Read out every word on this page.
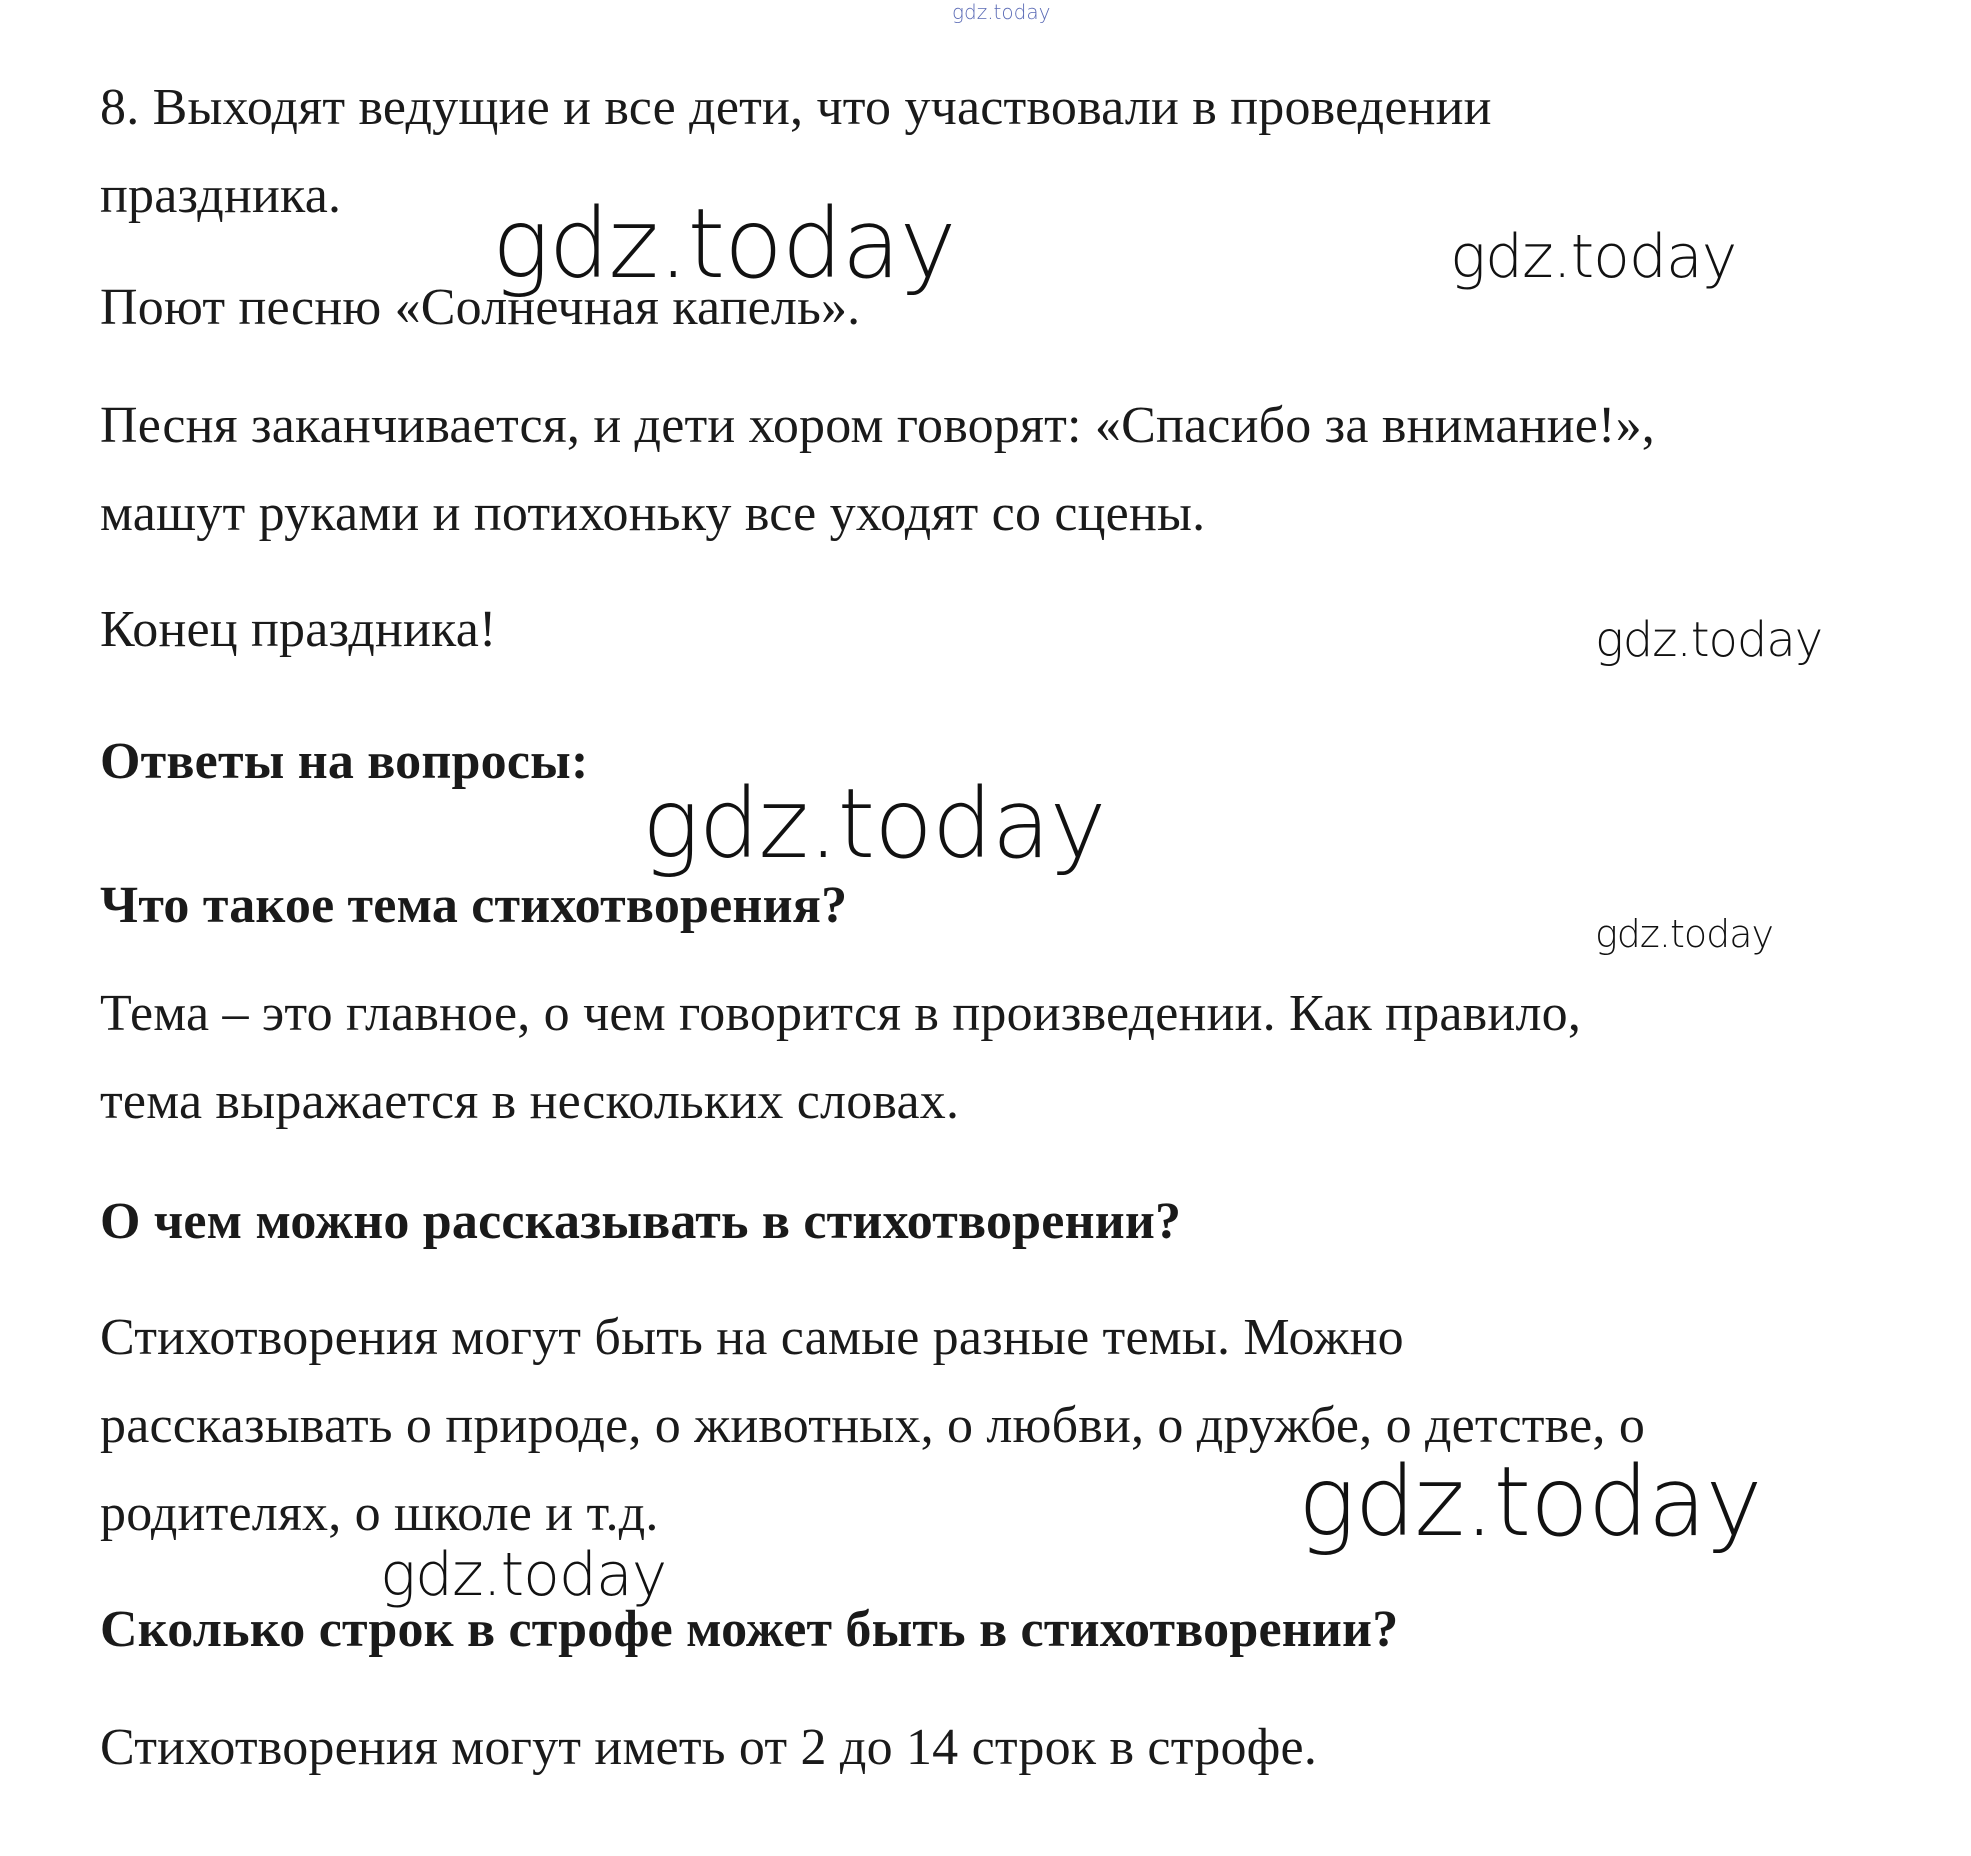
gdz.today
gdz.today	gdz.today
gdz.today
gdz.today
gdz.today
gdz.today
gdz.today
8. Выходят ведущие и все дети, что участвовали в проведении
праздника.
Поют песню «Солнечная капель».
Песня заканчивается, и дети хором говорят: «Спасибо за внимание!»,
машут руками и потихоньку все уходят со сцены.
Конец праздника!
Ответы на вопросы:
Что такое тема стихотворения?
Тема – это главное, о чем говорится в произведении. Как правило,
тема выражается в нескольких словах.
О чем можно рассказывать в стихотворении?
Стихотворения могут быть на самые разные темы. Можно
рассказывать о природе, о животных, о любви, о дружбе, о детстве, о
родителях, о школе и т.д.
Сколько строк в строфе может быть в стихотворении?
Стихотворения могут иметь от 2 до 14 строк в строфе.
